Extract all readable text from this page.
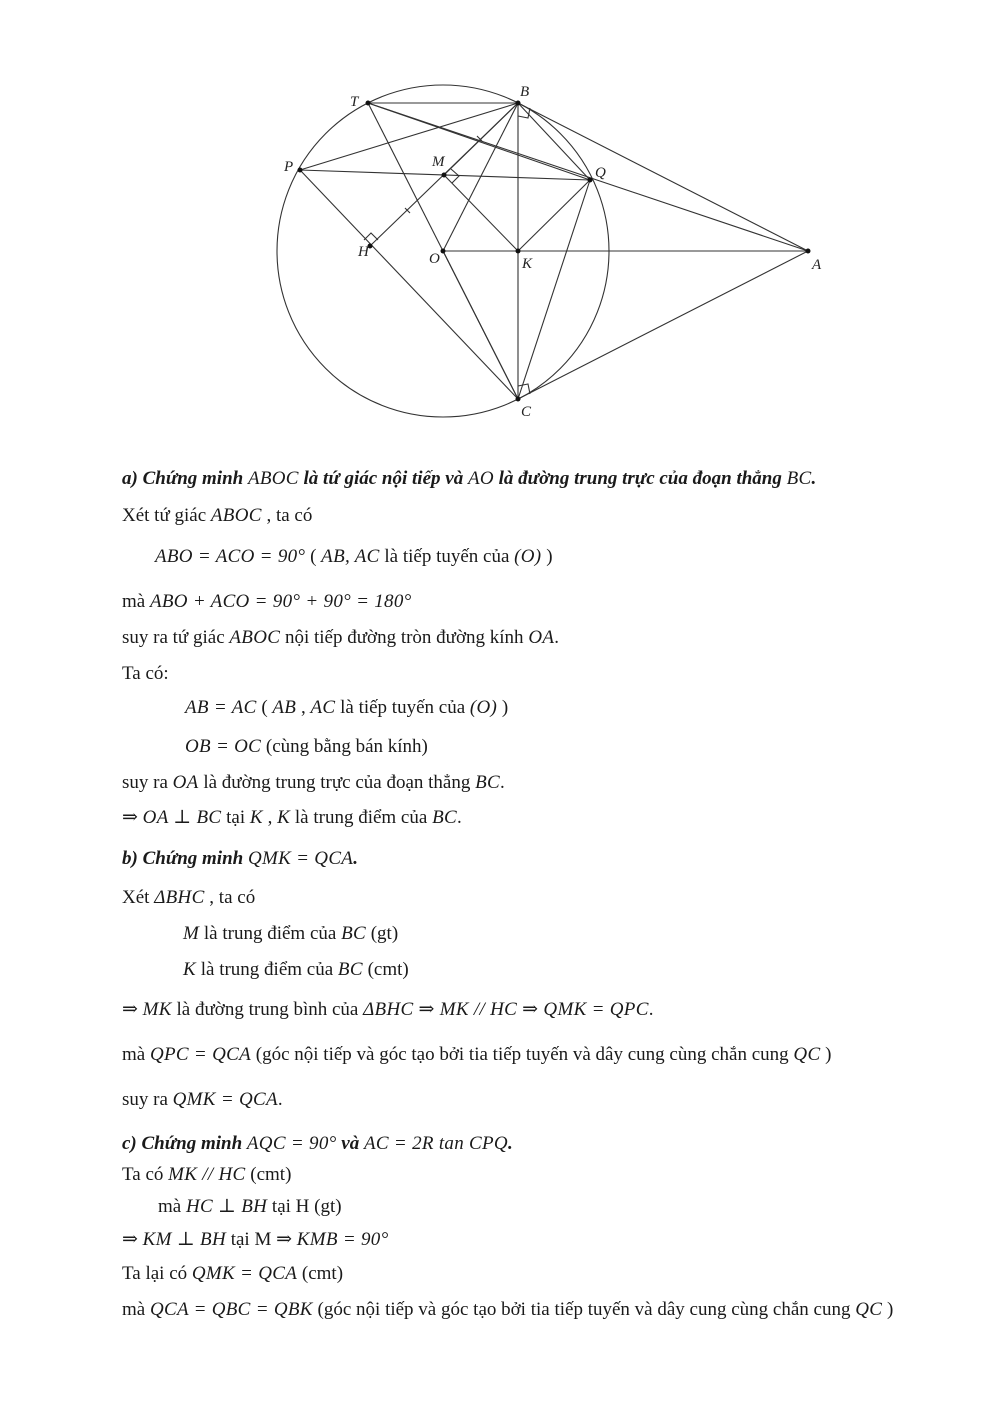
T
B
P	M
Q
H	O	K	A
C
a) Chứng minh ABOC là tứ giác nội tiếp và AO là đường trung trực của đoạn thẳng BC.
Xét tứ giác ABOC , ta có
ABO = ACO = 90° ( AB, AC là tiếp tuyến của (O) )
mà ABO + ACO = 90° + 90° = 180°
suy ra tứ giác ABOC nội tiếp đường tròn đường kính OA.
Ta có:
AB = AC ( AB , AC là tiếp tuyến của (O) )
OB = OC (cùng bằng bán kính)
suy ra OA là đường trung trực của đoạn thẳng BC.
⇒ OA ⊥ BC tại K , K là trung điểm của BC.
b) Chứng minh QMK = QCA.
Xét ΔBHC , ta có
M là trung điểm của BC (gt)
K là trung điểm của BC (cmt)
⇒ MK là đường trung bình của ΔBHC ⇒ MK // HC ⇒ QMK = QPC.
mà QPC = QCA (góc nội tiếp và góc tạo bởi tia tiếp tuyến và dây cung cùng chắn cung QC )
suy ra QMK = QCA.
c) Chứng minh AQC = 90° và AC = 2R tan CPQ.
Ta có MK // HC (cmt)
mà HC ⊥ BH tại H (gt)
⇒ KM ⊥ BH tại M ⇒ KMB = 90°
Ta lại có QMK = QCA (cmt)
mà QCA = QBC = QBK (góc nội tiếp và góc tạo bởi tia tiếp tuyến và dây cung cùng chắn cung QC )
